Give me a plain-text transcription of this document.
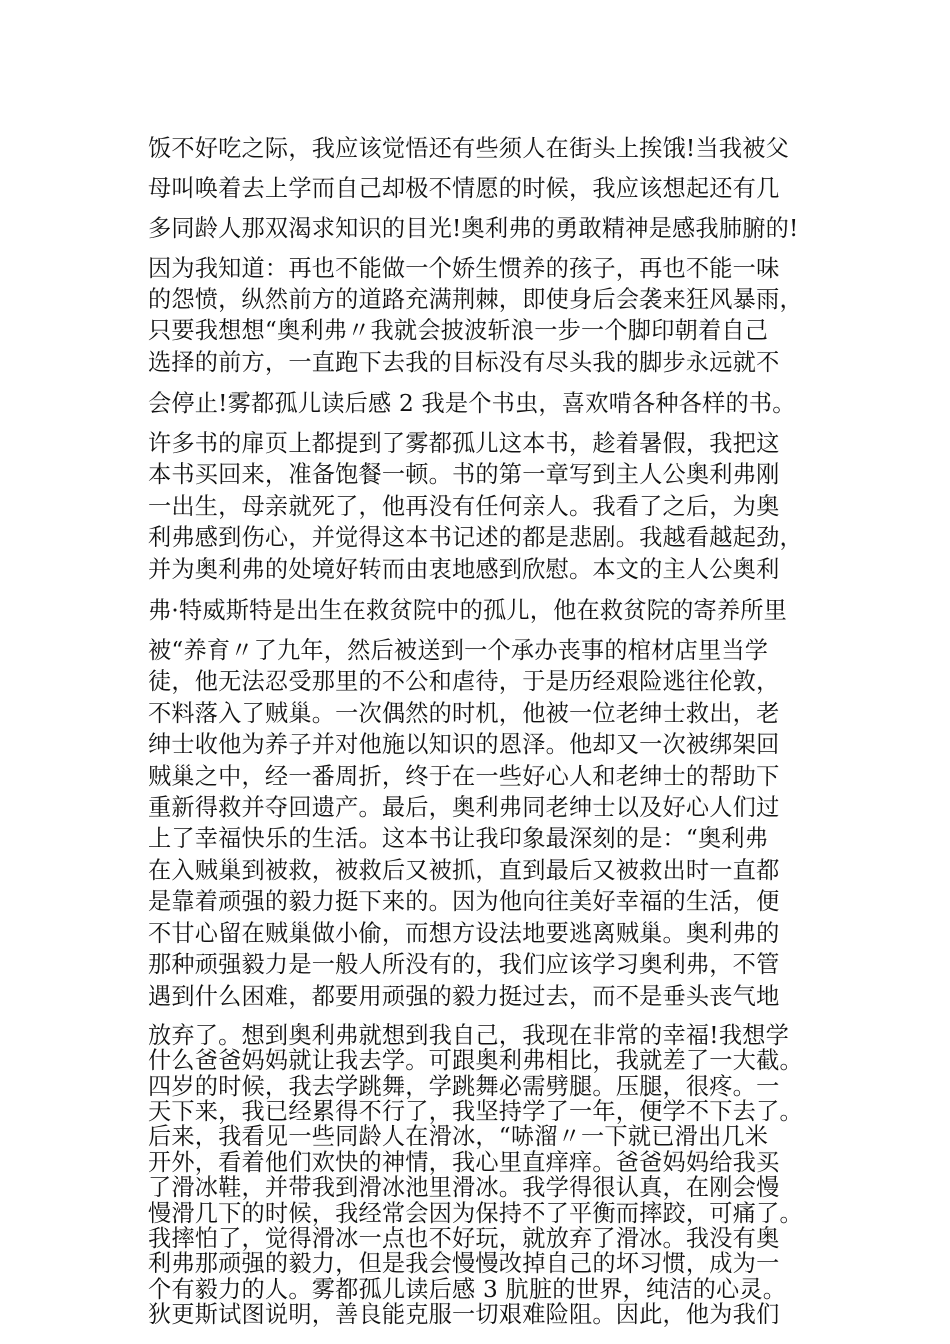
饭不好吃之际，我应该觉悟还有些须人在街头上挨饿!当我被父
母叫唤着去上学而自己却极不情愿的时候，我应该想起还有几
多同龄人那双渴求知识的目光!奥利弗的勇敢精神是感我肺腑的!
因为我知道：再也不能做一个娇生惯养的孩子，再也不能一味
的怨愤，纵然前方的道路充满荆棘，即使身后会袭来狂风暴雨，
只要我想想“奥利弗〃我就会披波斩浪一步一个脚印朝着自己
选择的前方，一直跑下去我的目标没有尽头我的脚步永远就不
会停止!雾都孤儿读后感 2 我是个书虫，喜欢啃各种各样的书。
许多书的扉页上都提到了雾都孤儿这本书，趁着暑假，我把这
本书买回来，准备饱餐一顿。书的第一章写到主人公奥利弗刚
一出生，母亲就死了，他再没有任何亲人。我看了之后，为奥
利弗感到伤心，并觉得这本书记述的都是悲剧。我越看越起劲，
并为奥利弗的处境好转而由衷地感到欣慰。本文的主人公奥利
弗·特威斯特是出生在救贫院中的孤儿，他在救贫院的寄养所里
被“养育〃了九年，然后被送到一个承办丧事的棺材店里当学
徒，他无法忍受那里的不公和虐待，于是历经艰险逃往伦敦，
不料落入了贼巢。一次偶然的时机，他被一位老绅士救出，老
绅士收他为养子并对他施以知识的恩泽。他却又一次被绑架回
贼巢之中，经一番周折，终于在一些好心人和老绅士的帮助下
重新得救并夺回遗产。最后，奥利弗同老绅士以及好心人们过
上了幸福快乐的生活。这本书让我印象最深刻的是：“奥利弗
在入贼巢到被救，被救后又被抓，直到最后又被救出时一直都
是靠着顽强的毅力挺下来的。因为他向往美好幸福的生活，便
不甘心留在贼巢做小偷，而想方设法地要逃离贼巢。奥利弗的
那种顽强毅力是一般人所没有的，我们应该学习奥利弗，不管
遇到什么困难，都要用顽强的毅力挺过去，而不是垂头丧气地
放弃了。想到奥利弗就想到我自己，我现在非常的幸福!我想学
什么爸爸妈妈就让我去学。可跟奥利弗相比，我就差了一大截。
四岁的时候，我去学跳舞，学跳舞必需劈腿。压腿，很疼。一
天下来，我已经累得不行了，我坚持学了一年，便学不下去了。
后来，我看见一些同龄人在滑冰，“哧溜〃一下就已滑出几米
开外，看着他们欢快的神情，我心里直痒痒。爸爸妈妈给我买
了滑冰鞋，并带我到滑冰池里滑冰。我学得很认真，在刚会慢
慢滑几下的时候，我经常会因为保持不了平衡而摔跤，可痛了。
我摔怕了，觉得滑冰一点也不好玩，就放弃了滑冰。我没有奥
利弗那顽强的毅力，但是我会慢慢改掉自己的坏习惯，成为一
个有毅力的人。雾都孤儿读后感 3 肮脏的世界，纯洁的心灵。
狄更斯试图说明，善良能克服一切艰难险阻。因此，他为我们
